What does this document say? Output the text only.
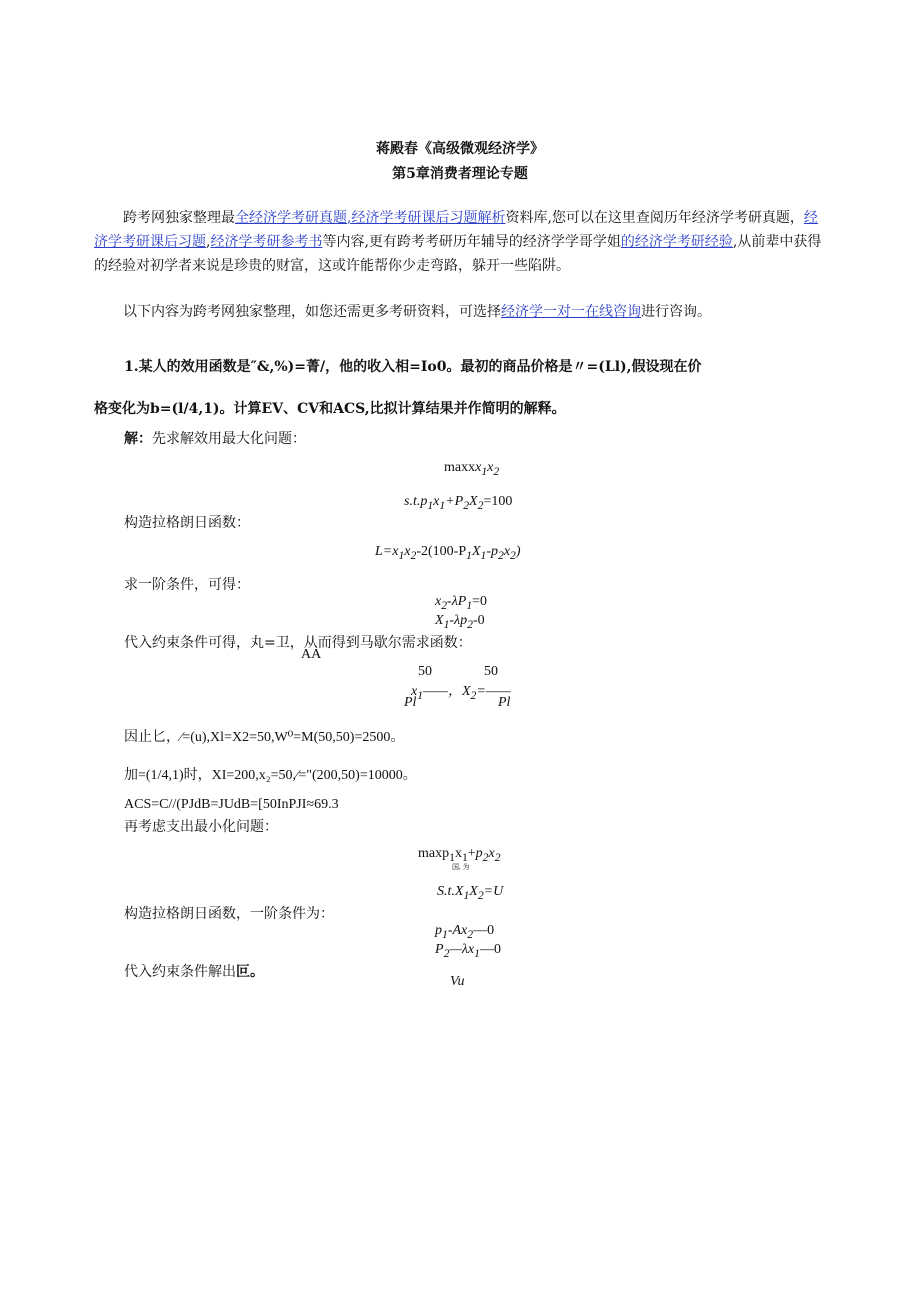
蒋殿春《高级微观经济学》
第5章消费者理论专题
跨考网独家整理最全经济学考研真题,经济学考研课后习题解析资料库,您可以在这里查阅历年经济学考研真题，经济学考研课后习题,经济学考研参考书等内容,更有跨考考研历年辅导的经济学学哥学姐的经济学考研经验,从前辈中获得的经验对初学者来说是珍贵的财富，这或许能帮你少走弯路，躲开一些陷阱。
以下内容为跨考网独家整理，如您还需更多考研资料，可选择经济学一对一在线咨询进行咨询。
1.某人的效用函数是″&,%)=菁/，他的收入相=Io0。最初的商品价格是〃=(Ll),假设现在价
格变化为b=(l/4,1)。计算EV、CV和ACS,比拟计算结果并作简明的解释。
解：先求解效用最大化问题：
$maxxx_1x_2$
$s.t.p_1x_1+P_2X_2=100$
构造拉格朗日函数：
$L=x_1x_2-2(100-P_1X_1-p_2x_2)$
求一阶条件，可得：
$x_2-\lambda P_1=0$
$X_1-\lambda p_2-0$
代入约束条件可得，丸=卫，从而得到马歇尔需求函数：
AA
50	50
$x_1——$，$X_2=——$
Pl	Pl
因止匕，⁄=(u),Xl=X2=50,W⁰=M(50,50)=2500。
加=(1/4,1)时，XI=200,x₂=50,⁄="(200,50)=10000。
ACS=C//(PJdB=JUdB=[50InPJI≈69.3
再考虑支出最小化问题：
$\max p_1x_1+p_2x_2$
国, 为
$S.t.X_1X_2=U$
构造拉格朗日函数，一阶条件为：
$p_1-Ax_2—0$
$P_2—\lambda x_1—0$
代入约束条件解出叵。
Vu
